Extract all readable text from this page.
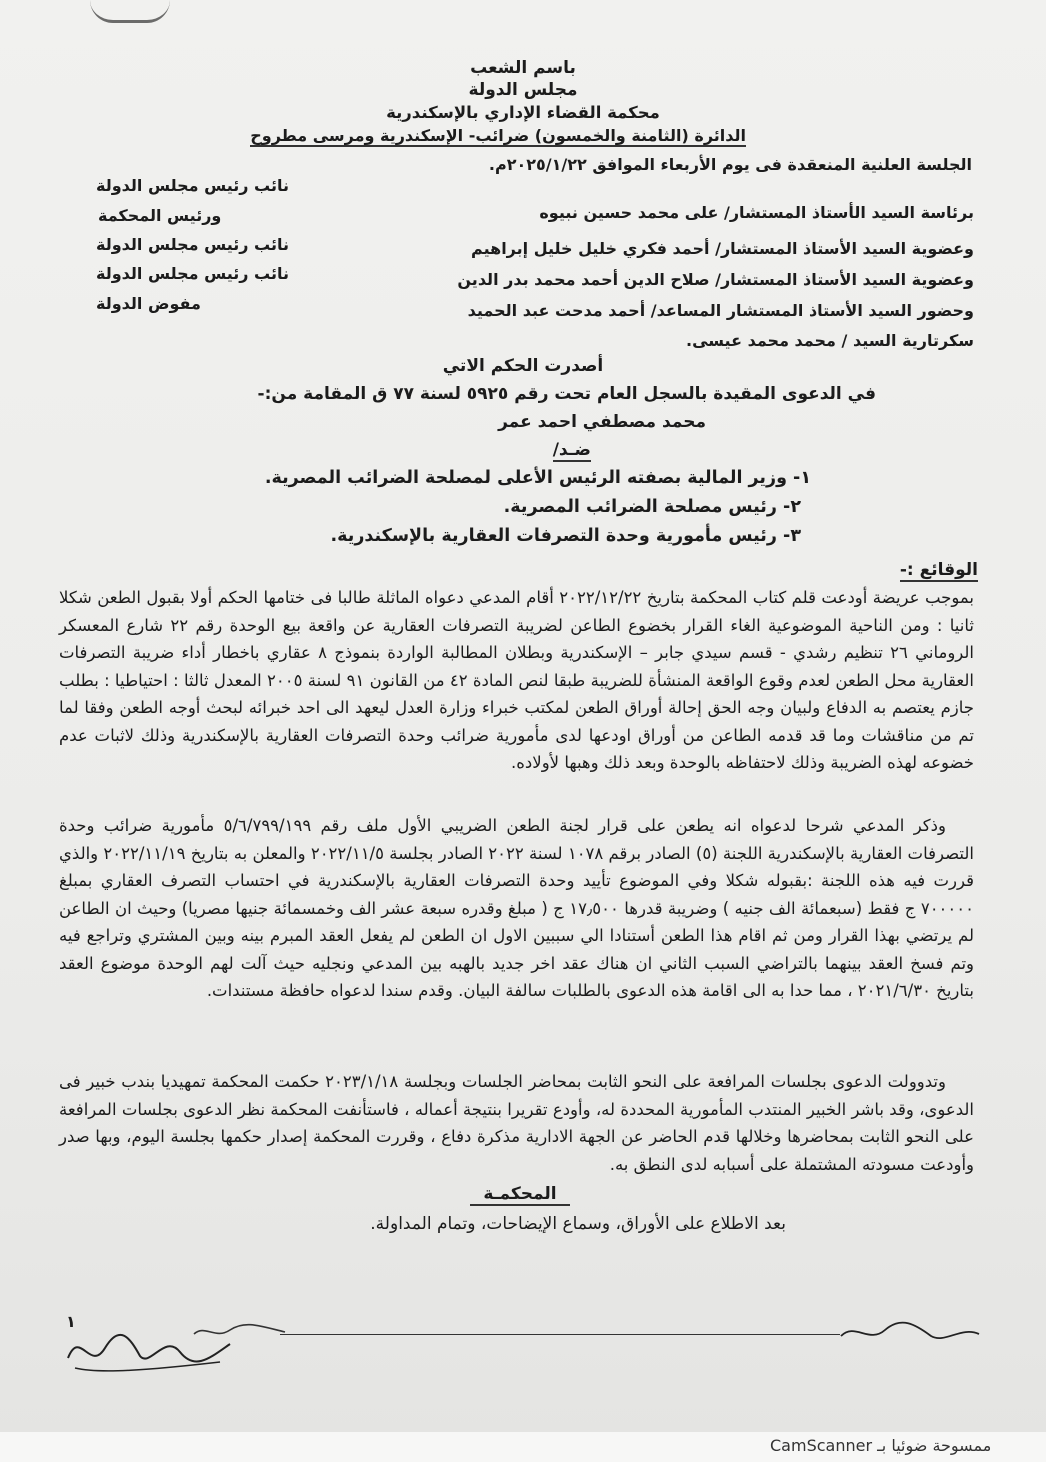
باسم الشعب
مجلس الدولة
محكمة القضاء الإداري بالإسكندرية
الدائرة (الثامنة والخمسون) ضرائب- الإسكندرية ومرسى مطروح
الجلسة العلنية المنعقدة فى يوم الأربعاء الموافق ٢٠٢٥/١/٢٢م.
برئاسة السيد الأستاذ المستشار/ على محمد حسين نبيوه
نائب رئيس مجلس الدولة
ورئيس المحكمة
وعضوية السيد الأستاذ المستشار/ أحمد فكري خليل خليل إبراهيم
نائب رئيس مجلس الدولة
وعضوية السيد الأستاذ المستشار/ صلاح الدين أحمد محمد بدر الدين
نائب رئيس مجلس الدولة
وحضور السيد الأستاذ المستشار المساعد/ أحمد مدحت عبد الحميد
مفوض الدولة
سكرتارية السيد / محمد محمد عيسى.
أصدرت الحكم الاتي
في الدعوى المقيدة بالسجل العام تحت رقم ٥٩٢٥ لسنة ٧٧ ق المقامة من:-
محمد مصطفي احمد عمر
ضـد/
١- وزير المالية بصفته الرئيس الأعلى لمصلحة الضرائب المصرية.
٢- رئيس مصلحة الضرائب المصرية.
٣- رئيس مأمورية وحدة التصرفات العقارية بالإسكندرية.
الوقائع :-
بموجب عريضة أودعت قلم كتاب المحكمة بتاريخ ٢٠٢٢/١٢/٢٢ أقام المدعي دعواه الماثلة طالبا فى ختامها الحكم أولا بقبول الطعن شكلا ثانيا : ومن الناحية الموضوعية الغاء القرار بخضوع الطاعن لضريبة التصرفات العقارية عن واقعة بيع الوحدة رقم ٢٢ شارع المعسكر الروماني ٢٦ تنظيم رشدي - قسم سيدي جابر – الإسكندرية وبطلان المطالبة الواردة بنموذج ٨ عقاري باخطار أداء ضريبة التصرفات العقارية محل الطعن لعدم وقوع الواقعة المنشأة للضريبة طبقا لنص المادة ٤٢ من القانون ٩١ لسنة ٢٠٠٥ المعدل ثالثا : احتياطيا : بطلب جازم يعتصم به الدفاع ولبيان وجه الحق إحالة أوراق الطعن لمكتب خبراء وزارة العدل ليعهد الى احد خبرائه لبحث أوجه الطعن وفقا لما تم من مناقشات وما قد قدمه الطاعن من أوراق اودعها لدى مأمورية ضرائب وحدة التصرفات العقارية بالإسكندرية وذلك لاثبات عدم خضوعه لهذه الضريبة وذلك لاحتفاظه بالوحدة وبعد ذلك وهبها لأولاده.
وذكر المدعي شرحا لدعواه انه يطعن على قرار لجنة الطعن الضريبي الأول ملف رقم ٥/٦/٧٩٩/١٩٩ مأمورية ضرائب وحدة التصرفات العقارية بالإسكندرية اللجنة (٥) الصادر برقم ١٠٧٨ لسنة ٢٠٢٢ الصادر بجلسة ٢٠٢٢/١١/٥ والمعلن به بتاريخ ٢٠٢٢/١١/١٩ والذي قررت فيه هذه اللجنة :بقبوله شكلا وفي الموضوع تأييد وحدة التصرفات العقارية بالإسكندرية في احتساب التصرف العقاري بمبلغ ٧٠٠٠٠٠ ج فقط (سبعمائة الف جنيه ) وضريبة قدرها ١٧٫٥٠٠ ج ( مبلغ وقدره سبعة عشر الف وخمسمائة جنيها مصريا) وحيث ان الطاعن لم يرتضي بهذا القرار ومن ثم اقام هذا الطعن أستنادا الي سببين الاول ان الطعن لم يفعل العقد المبرم بينه وبين المشتري وتراجع فيه وتم فسخ العقد بينهما بالتراضي السبب الثاني ان هناك عقد اخر جديد بالهبه بين المدعي ونجليه حيث آلت لهم الوحدة موضوع العقد بتاريخ ٢٠٢١/٦/٣٠ ، مما حدا به الى اقامة هذه الدعوى بالطلبات سالفة البيان. وقدم سندا لدعواه حافظة مستندات.
وتدوولت الدعوى بجلسات المرافعة على النحو الثابت بمحاضر الجلسات وبجلسة ٢٠٢٣/١/١٨ حكمت المحكمة تمهيديا بندب خبير فى الدعوى، وقد باشر الخبير المنتدب المأمورية المحددة له، وأودع تقريرا بنتيجة أعماله ، فاستأنفت المحكمة نظر الدعوى بجلسات المرافعة على النحو الثابت بمحاضرها وخلالها قدم الحاضر عن الجهة الادارية مذكرة دفاع ، وقررت المحكمة إصدار حكمها بجلسة اليوم، وبها صدر وأودعت مسودته المشتملة على أسبابه لدى النطق به.
المحكمـة
بعد الاطلاع على الأوراق، وسماع الإيضاحات، وتمام المداولة.
١
ممسوحة ضوئيا بـ CamScanner
